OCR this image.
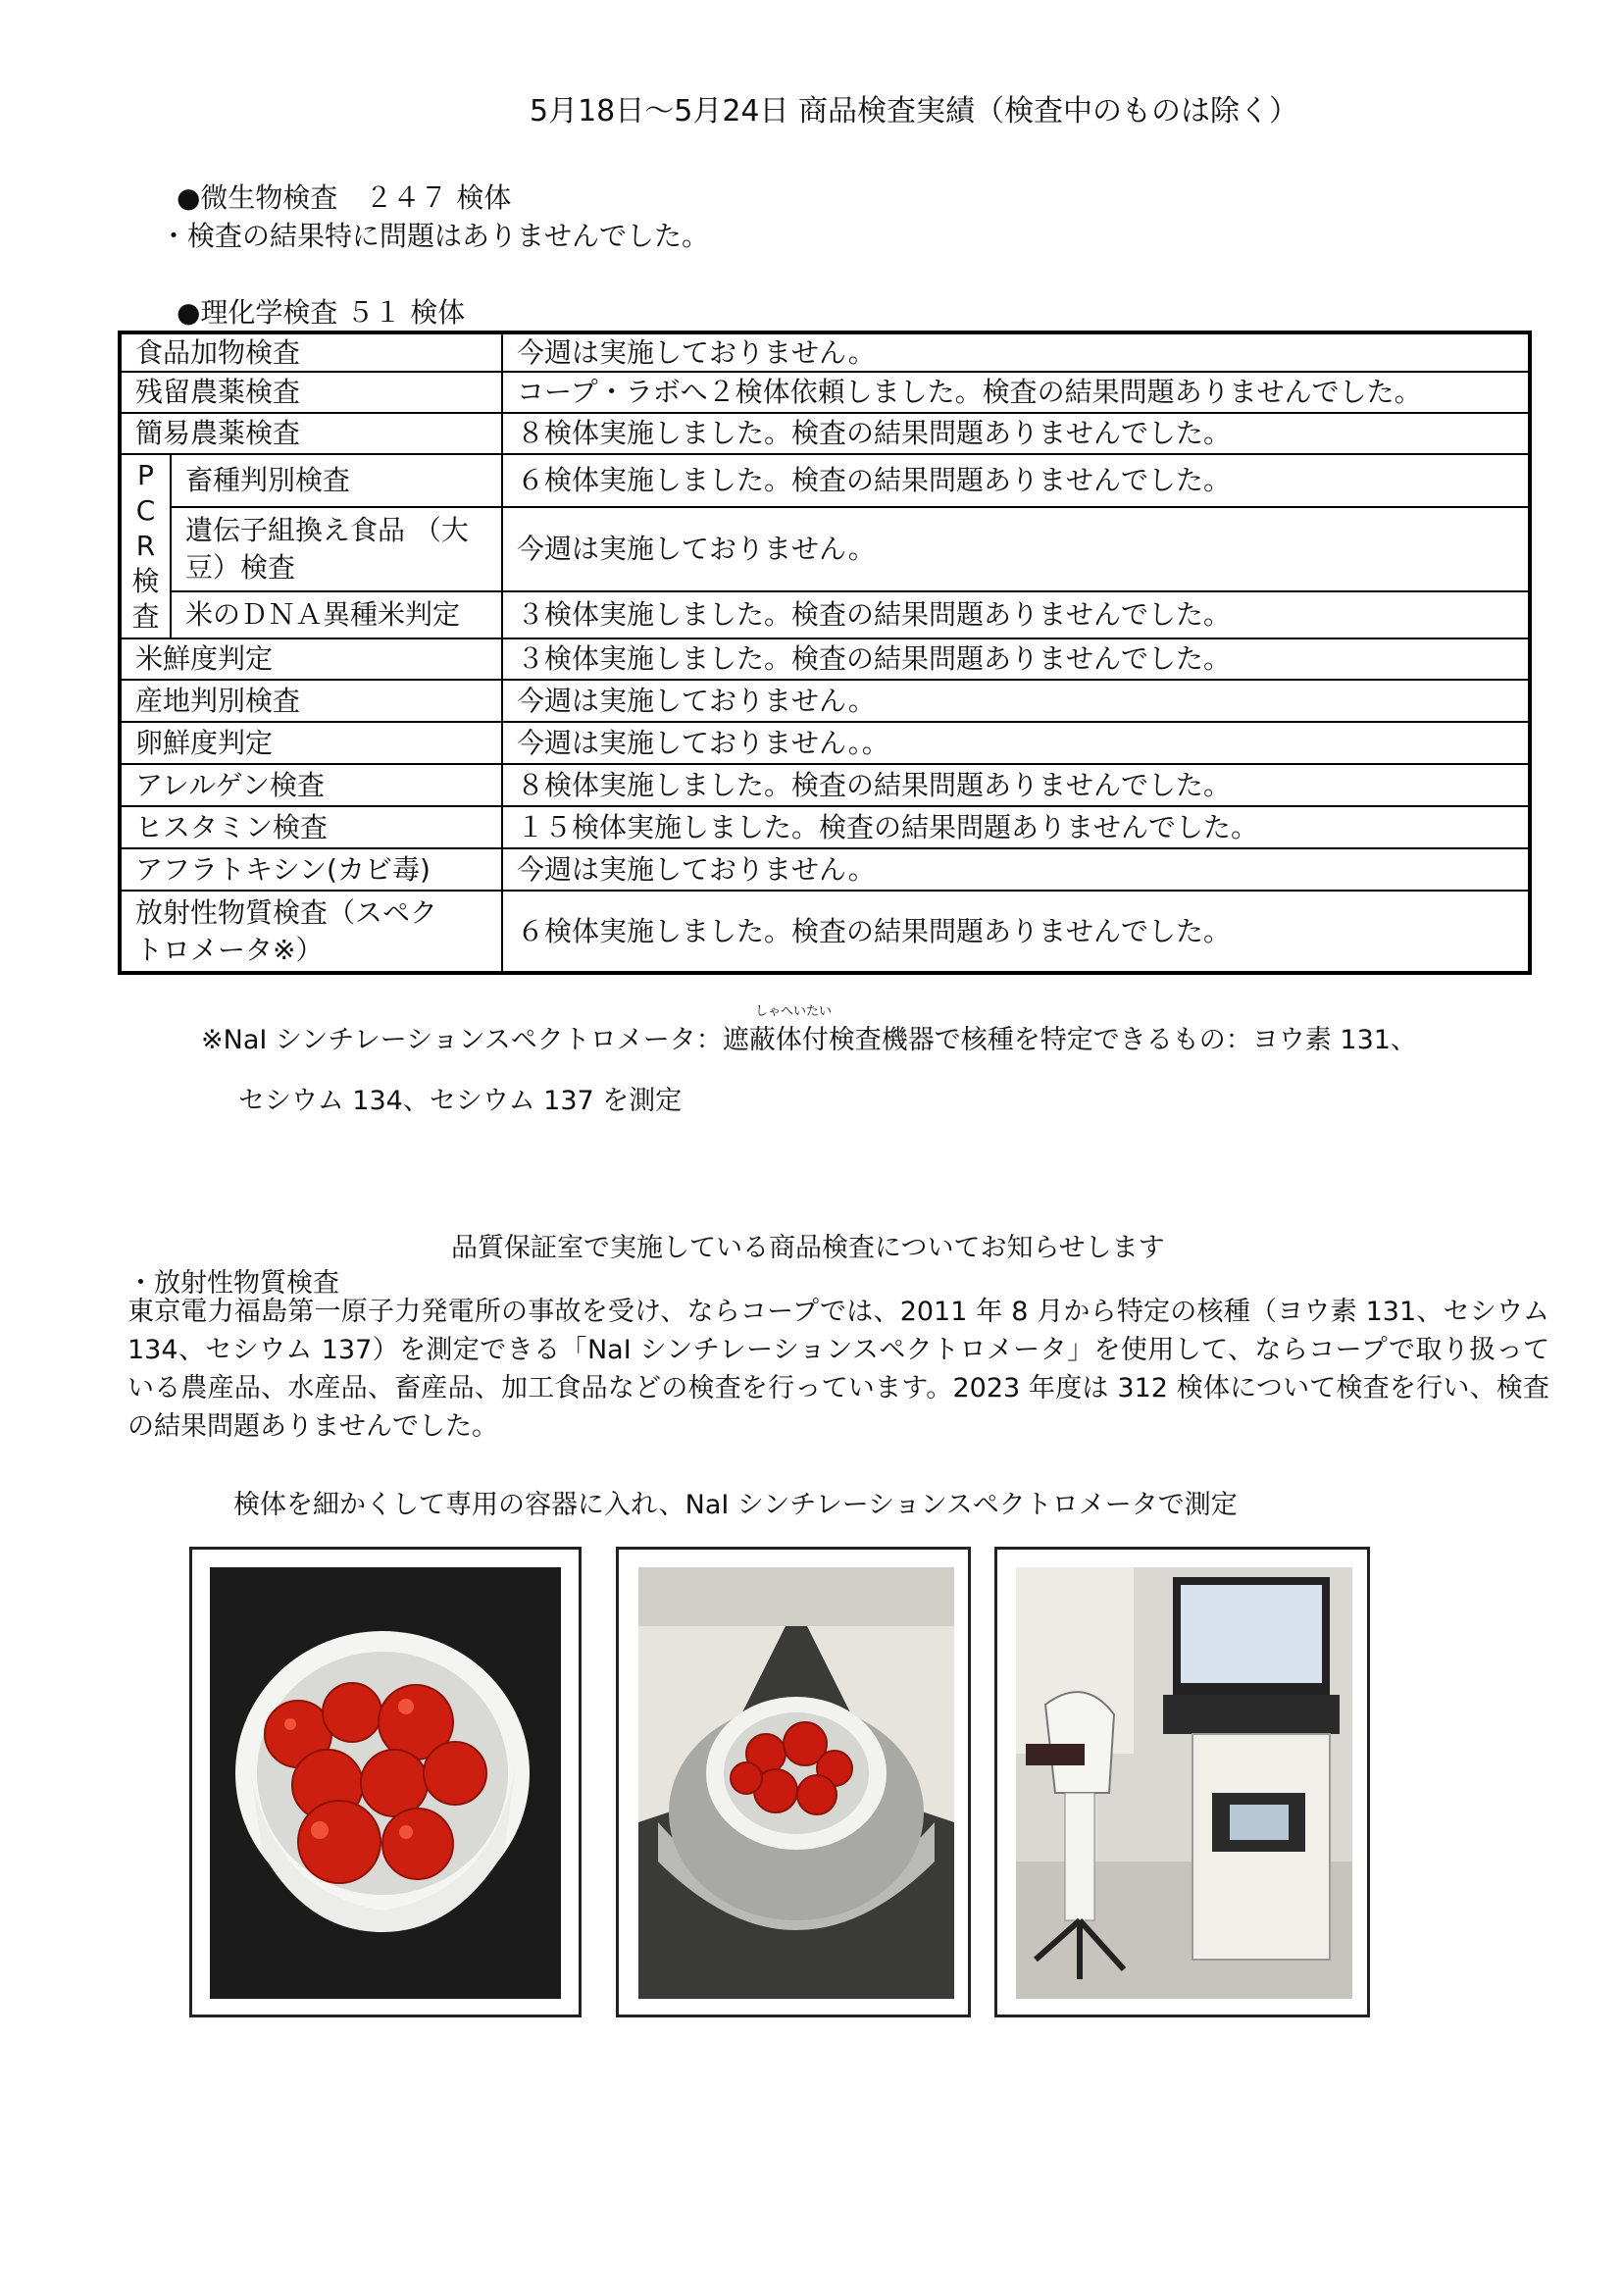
5月18日～5月24日 商品検査実績（検査中のものは除く）
●微生物検査　２４７ 検体
・検査の結果特に問題はありませんでした。
●理化学検査 ５１ 検体
食品加物検査		今週は実施しておりません。
残留農薬検査		コープ・ラボへ２検体依頼しました。検査の結果問題ありませんでした。
簡易農薬検査		８検体実施しました。検査の結果問題ありませんでした。

P
C
R
検
査	畜種判別検査	６検体実施しました。検査の結果問題ありませんでした。
	遺伝子組換え食品 （大豆）検査	今週は実施しておりません。
	米のＤＮＡ異種米判定	３検体実施しました。検査の結果問題ありませんでした。
米鮮度判定		３検体実施しました。検査の結果問題ありませんでした。
産地判別検査		今週は実施しておりません。
卵鮮度判定		今週は実施しておりません。。
アレルゲン検査		８検体実施しました。検査の結果問題ありませんでした。
ヒスタミン検査		１５検体実施しました。検査の結果問題ありませんでした。
アフラトキシン(カビ毒)		今週は実施しておりません。
放射性物質検査（スペクトロメータ※）		６検体実施しました。検査の結果問題ありませんでした。
しゃへいたい
※NaI シンチレーションスペクトロメータ：遮蔽体付検査機器で核種を特定できるもの：ヨウ素 131、
セシウム 134、セシウム 137 を測定
品質保証室で実施している商品検査についてお知らせします
・放射性物質検査
東京電力福島第一原子力発電所の事故を受け、ならコープでは、2011 年 8 月から特定の核種（ヨウ素 131、セシウム 134、セシウム 137）を測定できる「NaI シンチレーションスペクトロメータ」を使用して、ならコープで取り扱っている農産品、水産品、畜産品、加工食品などの検査を行っています。2023 年度は 312 検体について検査を行い、検査の結果問題ありませんでした。
検体を細かくして専用の容器に入れ、NaI シンチレーションスペクトロメータで測定
